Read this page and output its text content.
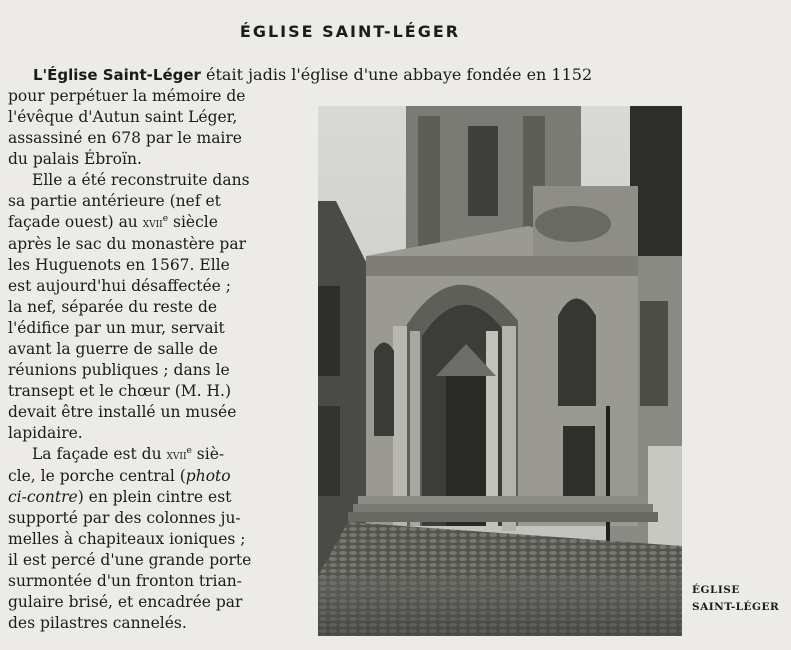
ÉGLISE SAINT-LÉGER
L'Église Saint-Léger était jadis l'église d'une abbaye fondée en 1152
pour perpétuer la mémoire de
l'évêque d'Autun saint Léger,
assassiné en 678 par le maire
du palais Ébroïn.
Elle a été reconstruite dans
sa partie antérieure (nef et
façade ouest) au xvii$^e$ siècle
après le sac du monastère par
les Huguenots en 1567. Elle
est aujourd'hui désaffectée ;
la nef, séparée du reste de
l'édifice par un mur, servait
avant la guerre de salle de
réunions publiques ; dans le
transept et le chœur (M. H.)
devait être installé un musée
lapidaire.
La façade est du xvii$^e$ siè-
cle, le porche central (photo
ci-contre) en plein cintre est
supporté par des colonnes ju-
melles à chapiteaux ioniques ;
il est percé d'une grande porte
surmontée d'un fronton trian-
gulaire brisé, et encadrée par
des pilastres cannelés.
ÉGLISE
SAINT-LÉGER
